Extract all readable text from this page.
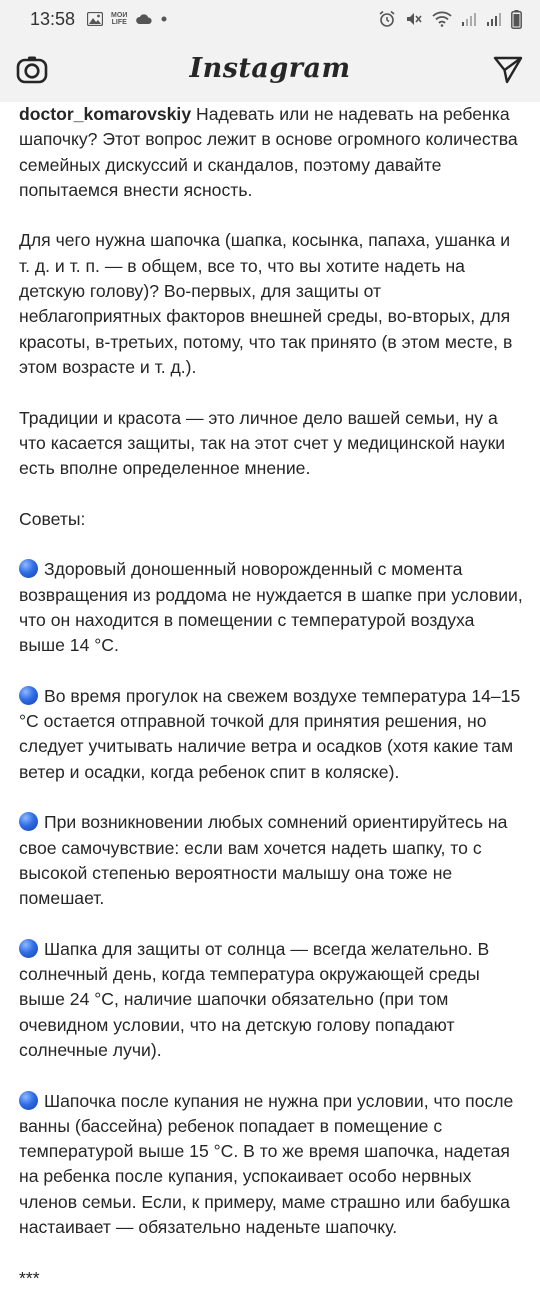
13:58	МОИ
LIFE
Instagram

doctor_komarovskiy Надевать или не надевать на ребенка шапочку? Этот вопрос лежит в основе огромного количества семейных дискуссий и скандалов, поэтому давайте попытаемся внести ясность.

Для чего нужна шапочка (шапка, косынка, папаха, ушанка и т. д. и т. п. — в общем, все то, что вы хотите надеть на детскую голову)? Во-первых, для защиты от неблагоприятных факторов внешней среды, во-вторых, для красоты, в-третьих, потому, что так принято (в этом месте, в этом возрасте и т. д.).

Традиции и красота — это личное дело вашей семьи, ну а что касается защиты, так на этот счет у медицинской науки есть вполне определенное мнение.

Советы:

Здоровый доношенный новорожденный с момента возвращения из роддома не нуждается в шапке при условии, что он находится в помещении с температурой воздуха выше 14 °C.

Во время прогулок на свежем воздухе температура 14–15 °C остается отправной точкой для принятия решения, но следует учитывать наличие ветра и осадков (хотя какие там ветер и осадки, когда ребенок спит в коляске).

При возникновении любых сомнений ориентируйтесь на свое самочувствие: если вам хочется надеть шапку, то с высокой степенью вероятности малышу она тоже не помешает.

Шапка для защиты от солнца — всегда желательно. В солнечный день, когда температура окружающей среды выше 24 °C, наличие шапочки обязательно (при том очевидном условии, что на детскую голову попадают солнечные лучи).

Шапочка после купания не нужна при условии, что после ванны (бассейна) ребенок попадает в помещение с температурой выше 15 °C. В то же время шапочка, надетая на ребенка после купания, успокаивает особо нервных членов семьи. Если, к примеру, маме страшно или бабушка настаивает — обязательно наденьте шапочку.

***
